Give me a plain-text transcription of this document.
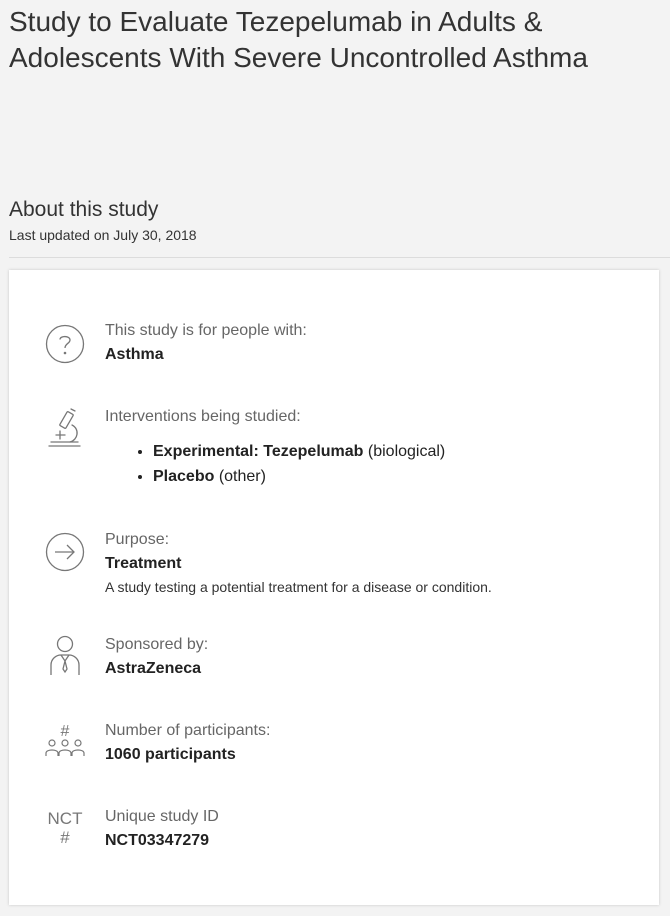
Study to Evaluate Tezepelumab in Adults & Adolescents With Severe Uncontrolled Asthma
About this study
Last updated on July 30, 2018
This study is for people with:
Asthma
Interventions being studied:
• Experimental: Tezepelumab (biological)
• Placebo (other)
Purpose:
Treatment
A study testing a potential treatment for a disease or condition.
Sponsored by:
AstraZeneca
# Number of participants:
1060 participants
NCT
#
Unique study ID
NCT03347279
